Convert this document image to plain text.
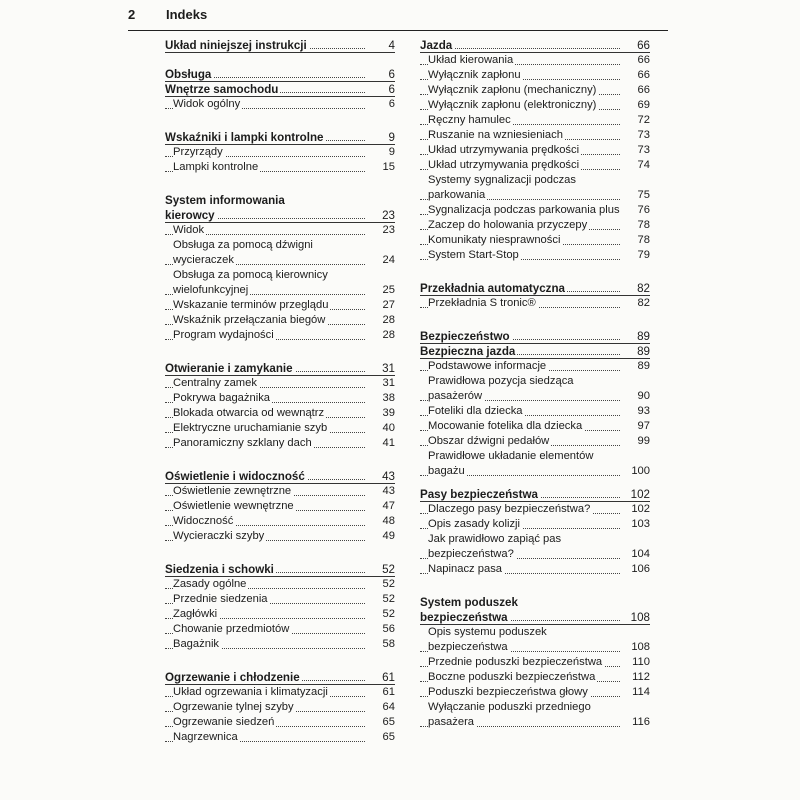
2 Indeks
Układ niniejszej instrukcji	4
Obsługa	6
Wnętrze samochodu	6
Widok ogólny	6
Wskaźniki i lampki kontrolne	9
Przyrządy	9
Lampki kontrolne	15
System informowania
kierowcy	23
Widok	23
Obsługa za pomocą dźwigni
wycieraczek	24
Obsługa za pomocą kierownicy
wielofunkcyjnej	25
Wskazanie terminów przeglądu	27
Wskaźnik przełączania biegów	28
Program wydajności	28
Otwieranie i zamykanie	31
Centralny zamek	31
Pokrywa bagażnika	38
Blokada otwarcia od wewnątrz	39
Elektryczne uruchamianie szyb	40
Panoramiczny szklany dach	41
Oświetlenie i widoczność	43
Oświetlenie zewnętrzne	43
Oświetlenie wewnętrzne	47
Widoczność	48
Wycieraczki szyby	49
Siedzenia i schowki	52
Zasady ogólne	52
Przednie siedzenia	52
Zagłówki	52
Chowanie przedmiotów	56
Bagażnik	58
Ogrzewanie i chłodzenie	61
Układ ogrzewania i klimatyzacji	61
Ogrzewanie tylnej szyby	64
Ogrzewanie siedzeń	65
Nagrzewnica	65
Jazda	66
Układ kierowania	66
Wyłącznik zapłonu	66
Wyłącznik zapłonu (mechaniczny)	66
Wyłącznik zapłonu (elektroniczny)	69
Ręczny hamulec	72
Ruszanie na wzniesieniach	73
Układ utrzymywania prędkości	73
Układ utrzymywania prędkości	74
Systemy sygnalizacji podczas
parkowania	75
Sygnalizacja podczas parkowania plus	76
Zaczep do holowania przyczepy	78
Komunikaty niesprawności	78
System Start-Stop	79
Przekładnia automatyczna	82
Przekładnia S tronic®	82
Bezpieczeństwo	89
Bezpieczna jazda	89
Podstawowe informacje	89
Prawidłowa pozycja siedząca
pasażerów	90
Foteliki dla dziecka	93
Mocowanie fotelika dla dziecka	97
Obszar dźwigni pedałów	99
Prawidłowe układanie elementów
bagażu	100
Pasy bezpieczeństwa	102
Dlaczego pasy bezpieczeństwa?	102
Opis zasady kolizji	103
Jak prawidłowo zapiąć pas
bezpieczeństwa?	104
Napinacz pasa	106
System poduszek
bezpieczeństwa	108
Opis systemu poduszek
bezpieczeństwa	108
Przednie poduszki bezpieczeństwa	110
Boczne poduszki bezpieczeństwa	112
Poduszki bezpieczeństwa głowy	114
Wyłączanie poduszki przedniego
pasażera	116
